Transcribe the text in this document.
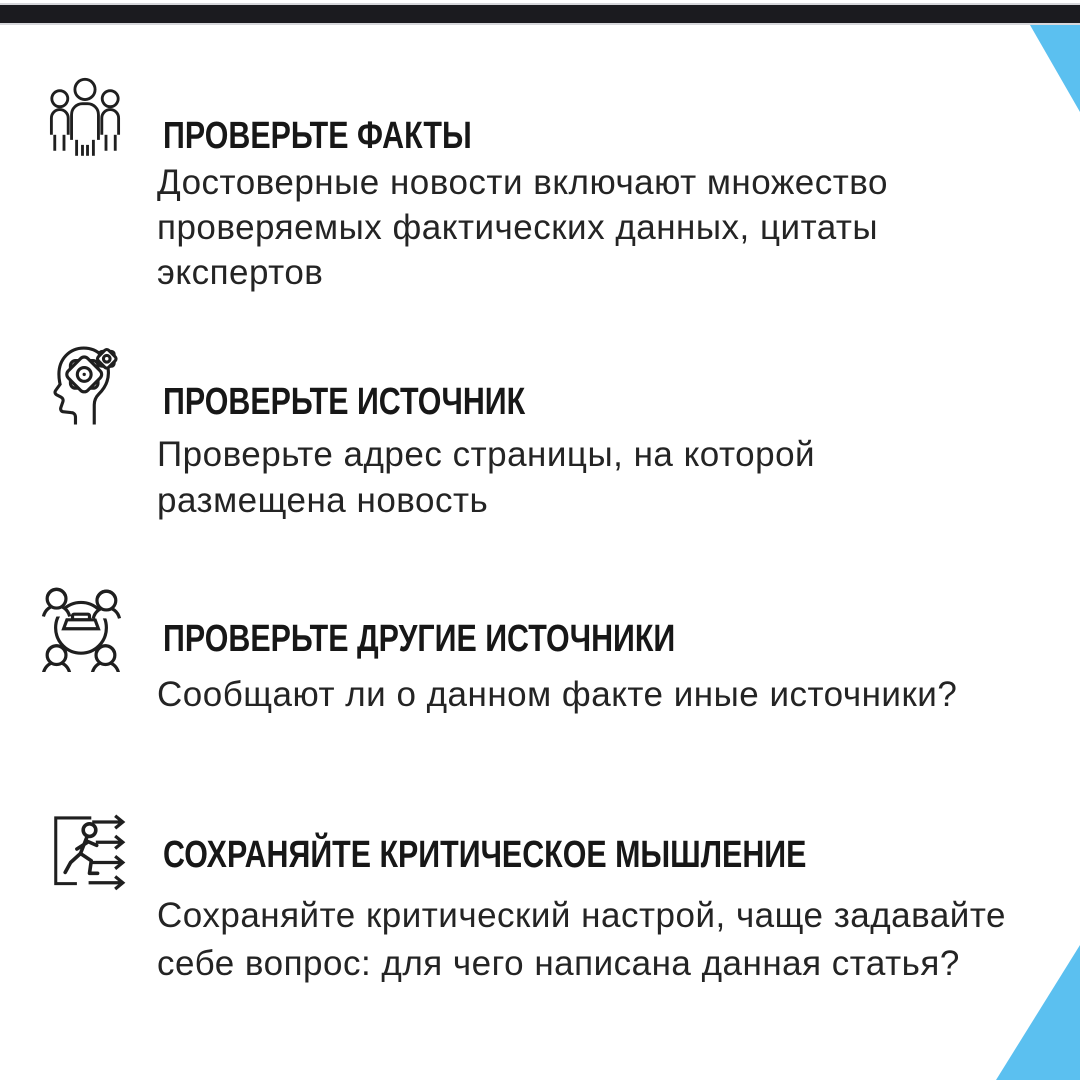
ПРОВЕРЬТЕ ФАКТЫ
Достоверные новости включают множество
проверяемых фактических данных, цитаты
экспертов
ПРОВЕРЬТЕ ИСТОЧНИК
Проверьте адрес страницы, на которой
размещена новость
ПРОВЕРЬТЕ ДРУГИЕ ИСТОЧНИКИ
Сообщают ли о данном факте иные источники?
СОХРАНЯЙТЕ КРИТИЧЕСКОЕ МЫШЛЕНИЕ
Сохраняйте критический настрой, чаще задавайте
себе вопрос: для чего написана данная статья?
